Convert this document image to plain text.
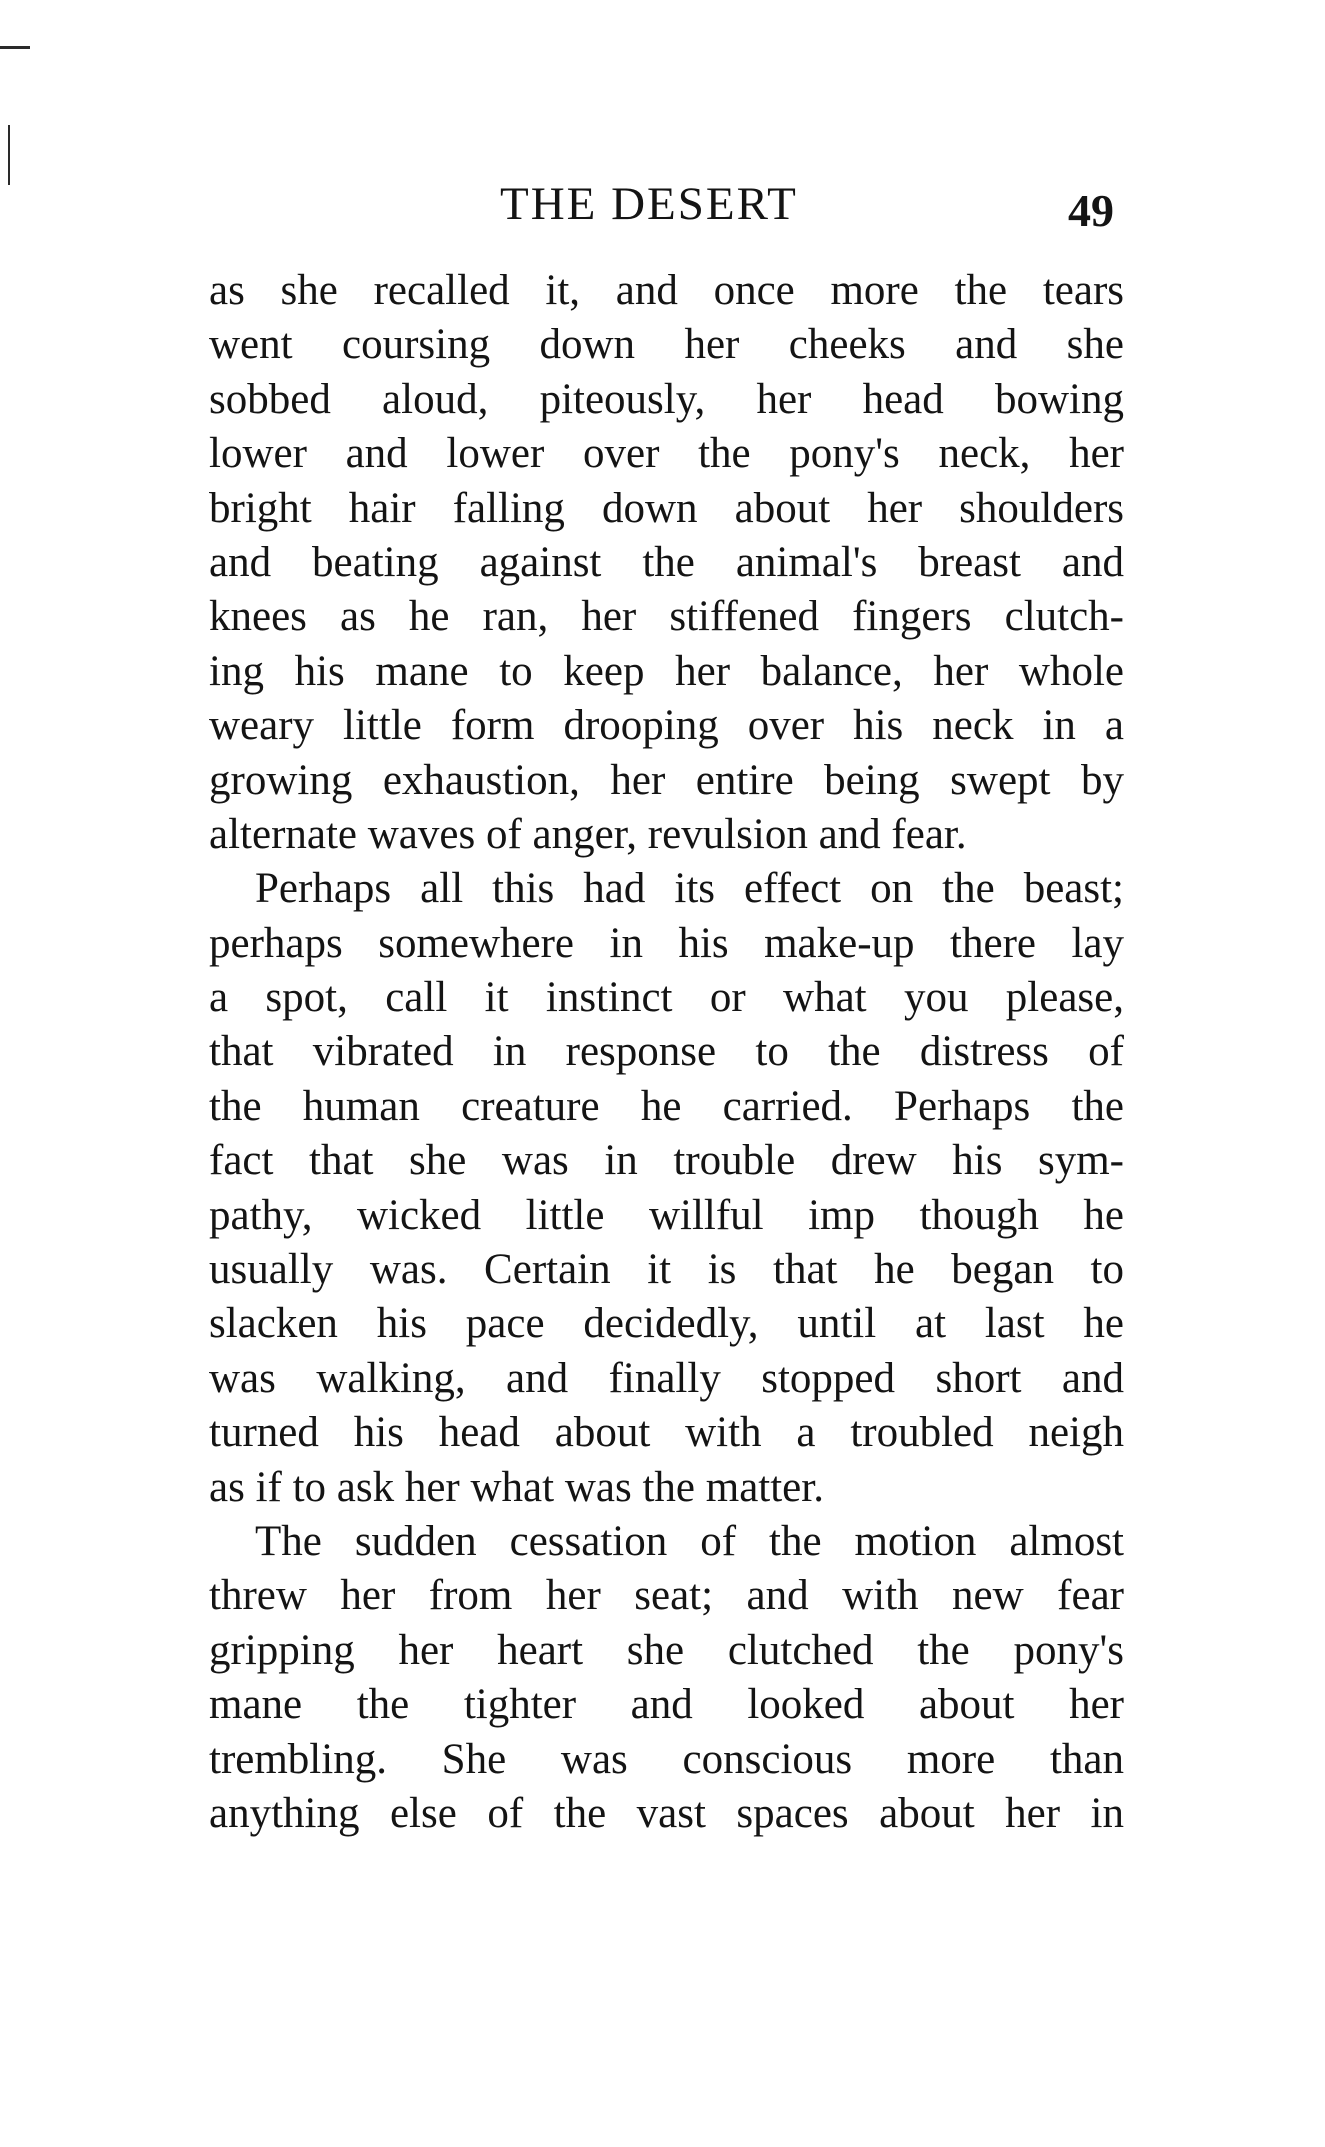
THE DESERT	49
as she recalled it, and once more the tears
went coursing down her cheeks and she
sobbed aloud, piteously, her head bowing
lower and lower over the pony's neck, her
bright hair falling down about her shoulders
and beating against the animal's breast and
knees as he ran, her stiffened fingers clutch-
ing his mane to keep her balance, her whole
weary little form drooping over his neck in a
growing exhaustion, her entire being swept by
alternate waves of anger, revulsion and fear.
Perhaps all this had its effect on the beast;
perhaps somewhere in his make-up there lay
a spot, call it instinct or what you please,
that vibrated in response to the distress of
the human creature he carried. Perhaps the
fact that she was in trouble drew his sym-
pathy, wicked little willful imp though he
usually was. Certain it is that he began to
slacken his pace decidedly, until at last he
was walking, and finally stopped short and
turned his head about with a troubled neigh
as if to ask her what was the matter.
The sudden cessation of the motion almost
threw her from her seat; and with new fear
gripping her heart she clutched the pony's
mane the tighter and looked about her
trembling. She was conscious more than
anything else of the vast spaces about her in
